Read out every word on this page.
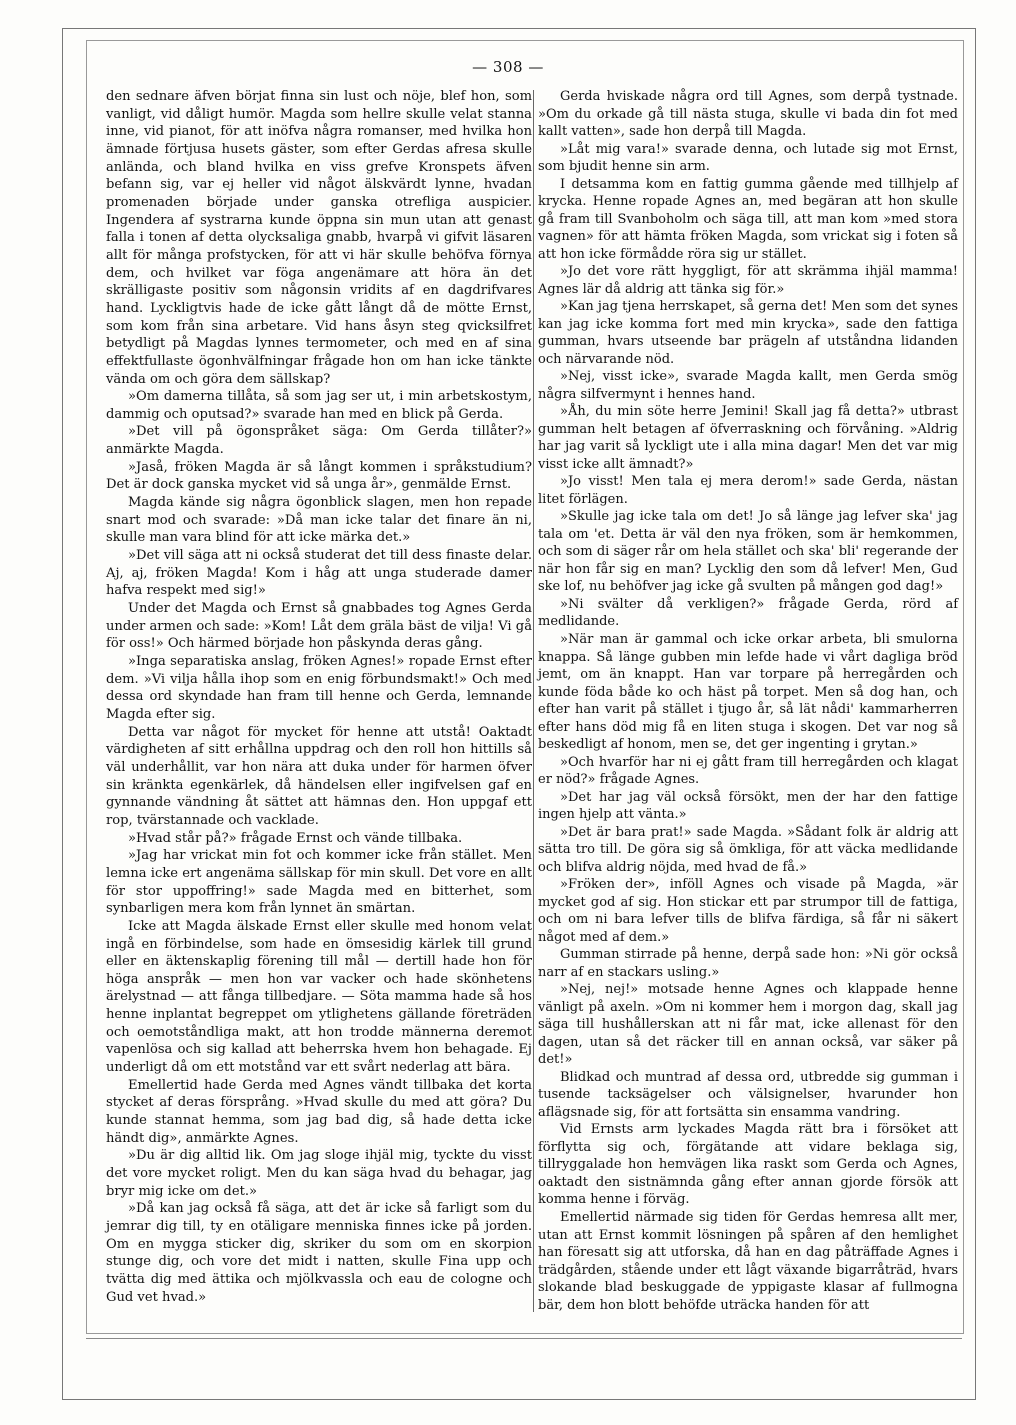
— 308 —

den sednare äfven börjat finna sin lust och nöje, blef hon, som vanligt, vid dåligt humör. Magda som hellre skulle velat stanna inne, vid pianot, för att inöfva några romanser, med hvilka hon ämnade förtjusa husets gäster, som efter Gerdas afresa skulle anlända, och bland hvilka en viss grefve Kronspets äfven befann sig, var ej heller vid något älskvärdt lynne, hvadan promenaden började under ganska otrefliga auspicier. Ingendera af systrarna kunde öppna sin mun utan att genast falla i tonen af detta olycksaliga gnabb, hvarpå vi gifvit läsaren allt för många profstycken, för att vi här skulle behöfva förnya dem, och hvilket var föga angenämare att höra än det skrälligaste positiv som någonsin vridits af en dagdrifvares hand. Lyckligtvis hade de icke gått långt då de mötte Ernst, som kom från sina arbetare. Vid hans åsyn steg qvicksilfret betydligt på Magdas lynnes termometer, och med en af sina effektfullaste ögonhvälfningar frågade hon om han icke tänkte vända om och göra dem sällskap?

»Om damerna tillåta, så som jag ser ut, i min arbetskostym, dammig och oputsad?» svarade han med en blick på Gerda.

»Det vill på ögonspråket säga: Om Gerda tillåter?» anmärkte Magda.

»Jaså, fröken Magda är så långt kommen i språkstudium? Det är dock ganska mycket vid så unga år», genmälde Ernst.

Magda kände sig några ögonblick slagen, men hon repade snart mod och svarade: »Då man icke talar det finare än ni, skulle man vara blind för att icke märka det.»

»Det vill säga att ni också studerat det till dess finaste delar. Aj, aj, fröken Magda! Kom i håg att unga studerade damer hafva respekt med sig!»

Under det Magda och Ernst så gnabbades tog Agnes Gerda under armen och sade: »Kom! Låt dem gräla bäst de vilja! Vi gå för oss!» Och härmed började hon påskynda deras gång.

»Inga separatiska anslag, fröken Agnes!» ropade Ernst efter dem. »Vi vilja hålla ihop som en enig förbundsmakt!» Och med dessa ord skyndade han fram till henne och Gerda, lemnande Magda efter sig.

Detta var något för mycket för henne att utstå! Oaktadt värdigheten af sitt erhållna uppdrag och den roll hon hittills så väl underhållit, var hon nära att duka under för harmen öfver sin kränkta egenkärlek, då händelsen eller ingifvelsen gaf en gynnande vändning åt sättet att hämnas den. Hon uppgaf ett rop, tvärstannade och vacklade.

»Hvad står på?» frågade Ernst och vände tillbaka.

»Jag har vrickat min fot och kommer icke från stället. Men lemna icke ert angenäma sällskap för min skull. Det vore en allt för stor uppoffring!» sade Magda med en bitterhet, som synbarligen mera kom från lynnet än smärtan.

Icke att Magda älskade Ernst eller skulle med honom velat ingå en förbindelse, som hade en ömsesidig kärlek till grund eller en äktenskaplig förening till mål — dertill hade hon för höga anspråk — men hon var vacker och hade skönhetens ärelystnad — att fånga tillbedjare. — Söta mamma hade så hos henne inplantat begreppet om ytlighetens gällande företräden och oemotståndliga makt, att hon trodde männerna deremot vapenlösa och sig kallad att beherrska hvem hon behagade. Ej underligt då om ett motstånd var ett svårt nederlag att bära.

Emellertid hade Gerda med Agnes vändt tillbaka det korta stycket af deras försprång. »Hvad skulle du med att göra? Du kunde stannat hemma, som jag bad dig, så hade detta icke händt dig», anmärkte Agnes.

»Du är dig alltid lik. Om jag sloge ihjäl mig, tyckte du visst det vore mycket roligt. Men du kan säga hvad du behagar, jag bryr mig icke om det.»

»Då kan jag också få säga, att det är icke så farligt som du jemrar dig till, ty en otäligare menniska finnes icke på jorden. Om en mygga sticker dig, skriker du som om en skorpion stunge dig, och vore det midt i natten, skulle Fina upp och tvätta dig med ättika och mjölkvassla och eau de cologne och Gud vet hvad.»

Gerda hviskade några ord till Agnes, som derpå tystnade. »Om du orkade gå till nästa stuga, skulle vi bada din fot med kallt vatten», sade hon derpå till Magda.

»Låt mig vara!» svarade denna, och lutade sig mot Ernst, som bjudit henne sin arm.

I detsamma kom en fattig gumma gående med tillhjelp af krycka. Henne ropade Agnes an, med begäran att hon skulle gå fram till Svanboholm och säga till, att man kom »med stora vagnen» för att hämta fröken Magda, som vrickat sig i foten så att hon icke förmådde röra sig ur stället.

»Jo det vore rätt hyggligt, för att skrämma ihjäl mamma! Agnes lär då aldrig att tänka sig för.»

»Kan jag tjena herrskapet, så gerna det! Men som det synes kan jag icke komma fort med min krycka», sade den fattiga gumman, hvars utseende bar prägeln af utståndna lidanden och närvarande nöd.

»Nej, visst icke», svarade Magda kallt, men Gerda smög några silfvermynt i hennes hand.

»Åh, du min söte herre Jemini! Skall jag få detta?» utbrast gumman helt betagen af öfverraskning och förvåning. »Aldrig har jag varit så lyckligt ute i alla mina dagar! Men det var mig visst icke allt ämnadt?»

»Jo visst! Men tala ej mera derom!» sade Gerda, nästan litet förlägen.

»Skulle jag icke tala om det! Jo så länge jag lefver ska' jag tala om 'et. Detta är väl den nya fröken, som är hemkommen, och som di säger rår om hela stället och ska' bli' regerande der när hon får sig en man? Lycklig den som då lefver! Men, Gud ske lof, nu behöfver jag icke gå svulten på mången god dag!»

»Ni svälter då verkligen?» frågade Gerda, rörd af medlidande.

»När man är gammal och icke orkar arbeta, bli smulorna knappa. Så länge gubben min lefde hade vi vårt dagliga bröd jemt, om än knappt. Han var torpare på herregården och kunde föda både ko och häst på torpet. Men så dog han, och efter han varit på stället i tjugo år, så lät nådi' kammarherren efter hans död mig få en liten stuga i skogen. Det var nog så beskedligt af honom, men se, det ger ingenting i grytan.»

»Och hvarför har ni ej gått fram till herregården och klagat er nöd?» frågade Agnes.

»Det har jag väl också försökt, men der har den fattige ingen hjelp att vänta.»

»Det är bara prat!» sade Magda. »Sådant folk är aldrig att sätta tro till. De göra sig så ömkliga, för att väcka medlidande och blifva aldrig nöjda, med hvad de få.»

»Fröken der», inföll Agnes och visade på Magda, »är mycket god af sig. Hon stickar ett par strumpor till de fattiga, och om ni bara lefver tills de blifva färdiga, så får ni säkert något med af dem.»

Gumman stirrade på henne, derpå sade hon: »Ni gör också narr af en stackars usling.»

»Nej, nej!» motsade henne Agnes och klappade henne vänligt på axeln. »Om ni kommer hem i morgon dag, skall jag säga till hushållerskan att ni får mat, icke allenast för den dagen, utan så det räcker till en annan också, var säker på det!»

Blidkad och muntrad af dessa ord, utbredde sig gumman i tusende tacksägelser och välsignelser, hvarunder hon aflägsnade sig, för att fortsätta sin ensamma vandring.

Vid Ernsts arm lyckades Magda rätt bra i försöket att förflytta sig och, förgätande att vidare beklaga sig, tillryggalade hon hemvägen lika raskt som Gerda och Agnes, oaktadt den sistnämnda gång efter annan gjorde försök att komma henne i förväg.

Emellertid närmade sig tiden för Gerdas hemresa allt mer, utan att Ernst kommit lösningen på spåren af den hemlighet han föresatt sig att utforska, då han en dag påträffade Agnes i trädgården, stående under ett lågt växande bigarråträd, hvars slokande blad beskuggade de yppigaste klasar af fullmogna bär, dem hon blott behöfde uträcka handen för att
